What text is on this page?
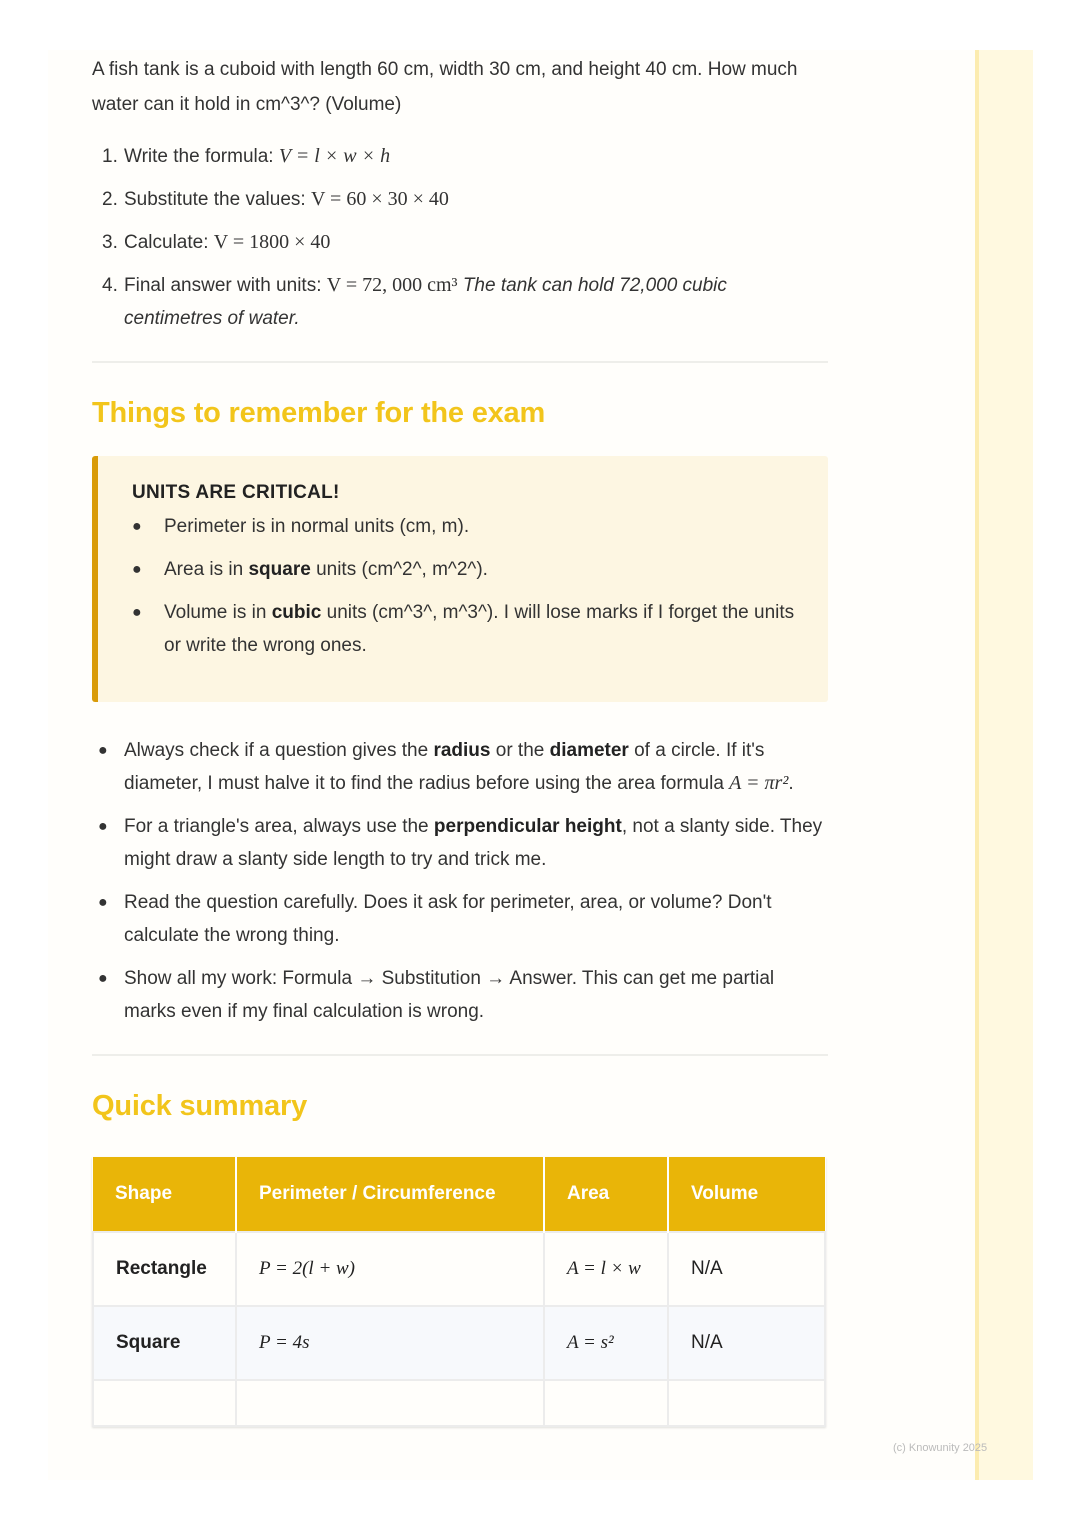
A fish tank is a cuboid with length 60 cm, width 30 cm, and height 40 cm. How much water can it hold in cm^3^? (Volume)

1. Write the formula: V = l × w × h
2. Substitute the values: V = 60 × 30 × 40
3. Calculate: V = 1800 × 40
4. Final answer with units: V = 72, 000 cm³ The tank can hold 72,000 cubic centimetres of water.
Things to remember for the exam

UNITS ARE CRITICAL!

● Perimeter is in normal units (cm, m).
● Area is in square units (cm^2^, m^2^).
● Volume is in cubic units (cm^3^, m^3^). I will lose marks if I forget the units or write the wrong ones.
● Always check if a question gives the radius or the diameter of a circle. If it's diameter, I must halve it to find the radius before using the area formula A = πr².
● For a triangle's area, always use the perpendicular height, not a slanty side. They might draw a slanty side length to try and trick me.
● Read the question carefully. Does it ask for perimeter, area, or volume? Don't calculate the wrong thing.
● Show all my work: Formula → Substitution → Answer. This can get me partial marks even if my final calculation is wrong.
Quick summary
Shape	Perimeter / Circumference	Area	Volume
Rectangle	P = 2(l + w)	A = l × w	N/A
Square	P = 4s	A = s²	N/A

(c) Knowunity 2025
